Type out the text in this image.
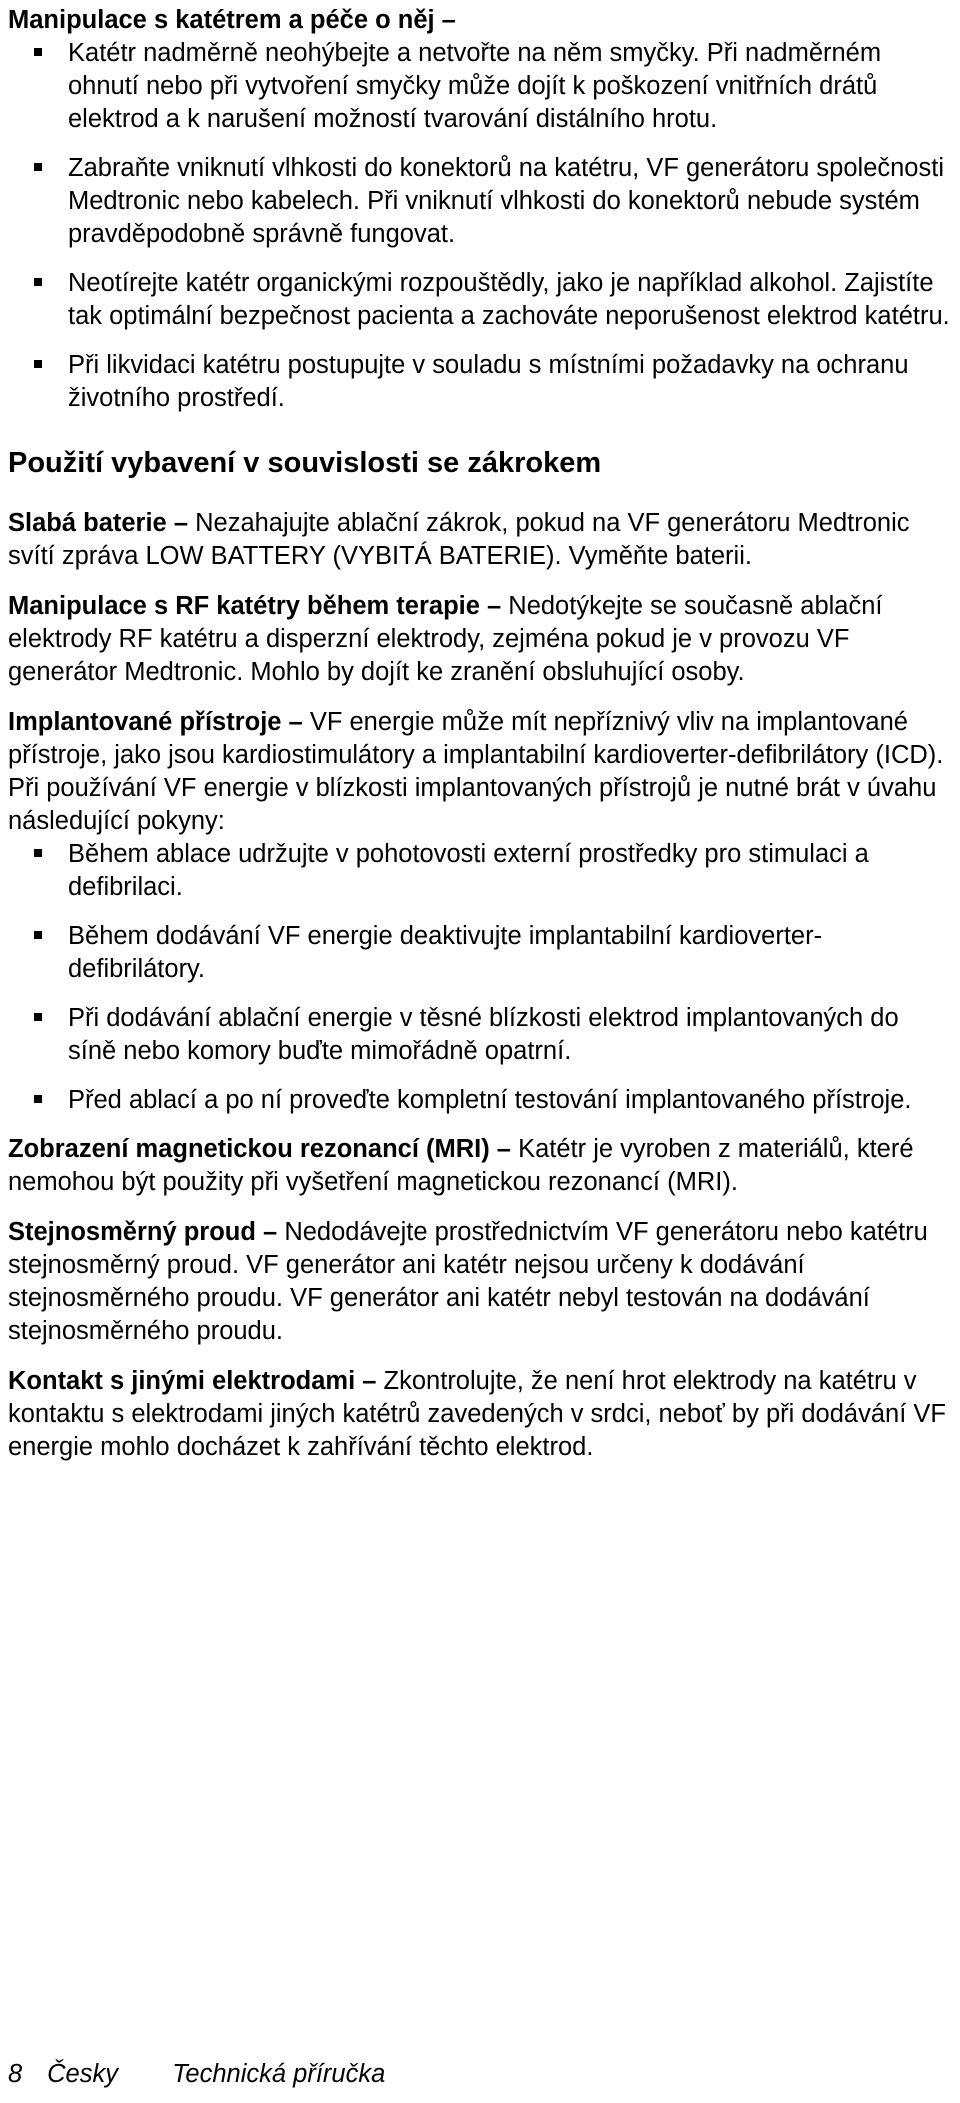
Manipulace s katétrem a péče o něj –
Katétr nadměrně neohýbejte a netvořte na něm smyčky. Při nadměrném ohnutí nebo při vytvoření smyčky může dojít k poškození vnitřních drátů elektrod a k narušení možností tvarování distálního hrotu.
Zabraňte vniknutí vlhkosti do konektorů na katétru, VF generátoru společnosti Medtronic nebo kabelech. Při vniknutí vlhkosti do konektorů nebude systém pravděpodobně správně fungovat.
Neotírejte katétr organickými rozpouštědly, jako je například alkohol. Zajistíte tak optimální bezpečnost pacienta a zachováte neporušenost elektrod katétru.
Při likvidaci katétru postupujte v souladu s místními požadavky na ochranu životního prostředí.
Použití vybavení v souvislosti se zákrokem

Slabá baterie – Nezahajujte ablační zákrok, pokud na VF generátoru Medtronic svítí zpráva LOW BATTERY (VYBITÁ BATERIE). Vyměňte baterii.

Manipulace s RF katétry během terapie – Nedotýkejte se současně ablační elektrody RF katétru a disperzní elektrody, zejména pokud je v provozu VF generátor Medtronic. Mohlo by dojít ke zranění obsluhující osoby.

Implantované přístroje – VF energie může mít nepříznivý vliv na implantované přístroje, jako jsou kardiostimulátory a implantabilní kardioverter-defibrilátory (ICD). Při používání VF energie v blízkosti implantovaných přístrojů je nutné brát v úvahu následující pokyny:

Během ablace udržujte v pohotovosti externí prostředky pro stimulaci a defibrilaci.
Během dodávání VF energie deaktivujte implantabilní kardioverter-defibrilátory.
Při dodávání ablační energie v těsné blízkosti elektrod implantovaných do síně nebo komory buďte mimořádně opatrní.
Před ablací a po ní proveďte kompletní testování implantovaného přístroje.

Zobrazení magnetickou rezonancí (MRI) – Katétr je vyroben z materiálů, které nemohou být použity při vyšetření magnetickou rezonancí (MRI).

Stejnosměrný proud – Nedodávejte prostřednictvím VF generátoru nebo katétru stejnosměrný proud. VF generátor ani katétr nejsou určeny k dodávání stejnosměrného proudu. VF generátor ani katétr nebyl testován na dodávání stejnosměrného proudu.

Kontakt s jinými elektrodami – Zkontrolujte, že není hrot elektrody na katétru v kontaktu s elektrodami jiných katétrů zavedených v srdci, neboť by při dodávání VF energie mohlo docházet k zahřívání těchto elektrod.

8 Česky Technická příručka
